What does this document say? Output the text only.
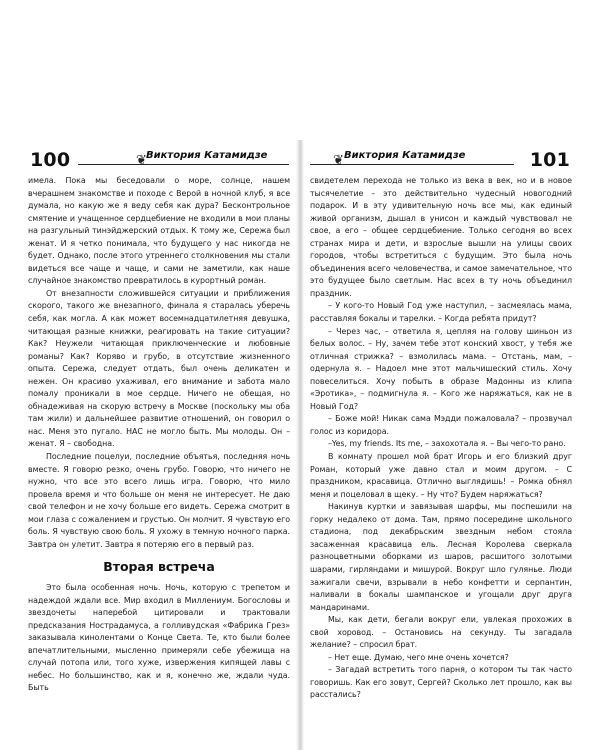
100	❦ Виктория Катамидзе

имела. Пока мы беседовали о море, солнце, нашем вчерашнем знакомстве и походе с Верой в ночной клуб, я все думала, но какую же я веду себя как дура? Бесконтрольное смятение и учащенное сердцебиение не входили в мои планы на разгульный тинэйджерский отдых. К тому же, Сережа был женат. И я четко понимала, что будущего у нас никогда не будет. Однако, после этого утреннего столкновения мы стали видеться все чаще и чаще, и сами не заметили, как наше случайное знакомство превратилось в курортный роман.

От внезапности сложившейся ситуации и приближения скорого, такого же внезапного, финала я старалась уберечь себя, как могла. А как может восемнадцатилетняя девушка, читающая разные книжки, реагировать на такие ситуации? Как? Неужели читающая приключенческие и любовные романы? Как? Коряво и грубо, в отсутствие жизненного опыта. Сережа, следует отдать, был очень деликатен и нежен. Он красиво ухаживал, его внимание и забота мало помалу проникали в мое сердце. Ничего не обещая, но обнадеживая на скорую встречу в Москве (поскольку мы оба там жили) и дальнейшее развитие отношений, он говорил о нас. Меня это пугало. НАС не могло быть. Мы молоды. Он – женат. Я – свободна.

Последние поцелуи, последние объятья, последняя ночь вместе. Я говорю резко, очень грубо. Говорю, что ничего не нужно, что все это всего лишь игра. Говорю, что мило провела время и что больше он меня не интересует. Не даю свой телефон и не хочу больше его видеть. Сережа смотрит в мои глаза с сожалением и грустью. Он молчит. Я чувствую его боль. Я чувствую свою боль. Я ухожу в темную ночного парка. Завтра он улетит. Завтра я потеряю его в первый раз.

Вторая встреча

Это была особенная ночь. Ночь, которую с трепетом и надеждой ждали все. Мир входил в Миллениум. Богословы и звездочеты наперебой цитировали и трактовали предсказания Нострадамуса, а голливудская «Фабрика Грез» заказывала кинолентами о Конце Света. Те, кто были более впечатлительными, мысленно примеряли себе убежища на случай потопа или, того хуже, извержения кипящей лавы с небес. Но большинство, как и я, конечно же, ждали чуда. Быть

❦ Виктория Катамидзе	101

свидетелем перехода не только из века в век, но и в новое тысячелетие – это действительно чудесный новогодний подарок. И в эту удивительную ночь все мы, как единый живой организм, дышал в унисон и каждый чувствовал не свое, а его – общее сердцебиение. Только сегодня во всех странах мира и дети, и взрослые вышли на улицы своих городов, чтобы встретиться с будущим. Это была ночь объединения всего человечества, и самое замечательное, что это будущее было светлым. Нас всех в ту ночь объединил праздник.

– У кого-то Новый Год уже наступил, – засмеялась мама, расставляя бокалы и тарелки. – Когда ребята придут?

– Через час, – ответила я, цепляя на голову шиньон из белых волос. – Ну, зачем тебе этот конский хвост, у тебя же отличная стрижка? – взмолилась мама. – Отстань, мам, – одернула я. – Надоел мне этот мальчишеский стиль. Хочу повеселиться. Хочу побыть в образе Мадонны из клипа «Эротика», – подмигнула я. – Кого же наряжаться, как не в Новый Год?

– Боже мой! Никак сама Мэдди пожаловала? – прозвучал голос из коридора.

–Yes, my friends. Its me, – захохотала я. – Вы чего-то рано.

В комнату прошел мой брат Игорь и его близкий друг Роман, который уже давно стал и моим другом. – С праздником, красавица. Отлично выглядишь! – Ромка обнял меня и поцеловал в щеку. – Ну что? Будем наряжаться?

Накинув куртки и завязывая шарфы, мы поспешили на горку недалеко от дома. Там, прямо посередине школьного стадиона, под декабрьским звездным небом стояла засаженная красавица ель. Лесная Королева сверкала разноцветными оборками из шаров, расшитого золотыми шарами, гирляндами и мишурой. Вокруг шло гулянье. Люди зажигали свечи, взрывали в небо конфетти и серпантин, наливали в бокалы шампанское и угощали друг друга мандаринами.

Мы, как дети, бегали вокруг ели, увлекая прохожих в свой хоровод. – Остановись на секунду. Ты загадала желание? – спросил брат.

– Нет еще. Думаю, чего мне очень хочется?

– Загадай встретить того парня, о котором ты так часто говоришь. Как его зовут, Сергей? Сколько лет прошло, как вы расстались?
